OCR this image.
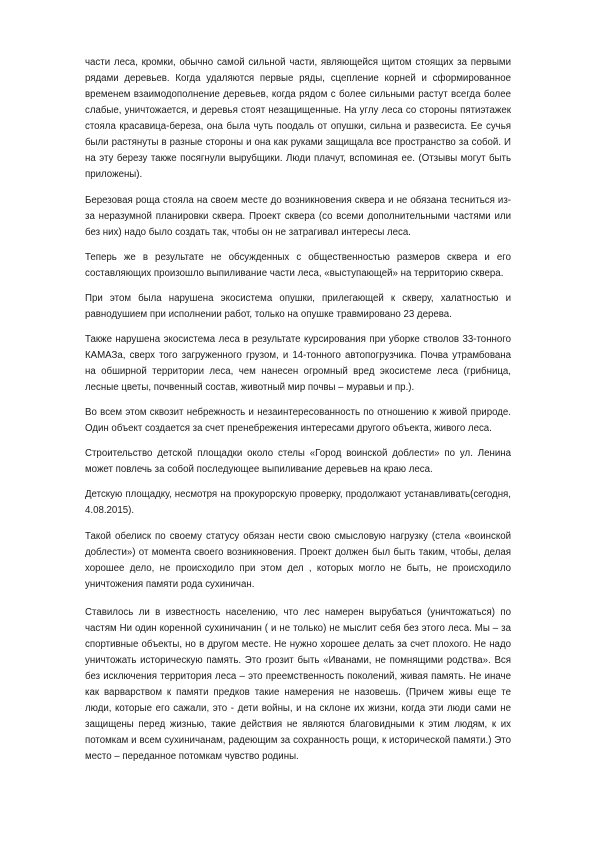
части леса, кромки, обычно самой сильной части, являющейся щитом стоящих за первыми рядами деревьев. Когда удаляются первые ряды, сцепление корней и сформированное временем взаимодополнение деревьев, когда рядом с более сильными растут всегда более слабые, уничтожается, и деревья стоят незащищенные. На углу леса со стороны пятиэтажек стояла красавица-береза, она была чуть поодаль от опушки, сильна и развесиста. Ее сучья были растянуты в разные стороны и она как руками защищала все пространство за собой. И на эту березу также посягнули вырубщики. Люди плачут, вспоминая ее. (Отзывы могут быть приложены).

Березовая роща стояла на своем месте до возникновения сквера и не обязана тесниться из-за неразумной планировки сквера. Проект сквера (со всеми дополнительными частями или без них) надо было создать так, чтобы он не затрагивал интересы леса.

Теперь же в результате не обсужденных с общественностью размеров сквера и его составляющих произошло выпиливание части леса, «выступающей» на территорию сквера.

При этом была нарушена экосистема опушки, прилегающей к скверу, халатностью и равнодушием при исполнении работ, только на опушке травмировано 23 дерева.

Также нарушена экосистема леса в результате курсирования при уборке стволов 33-тонного КАМАЗа, сверх того загруженного грузом, и 14-тонного автопогрузчика. Почва утрамбована на обширной территории леса, чем нанесен огромный вред экосистеме леса (грибница, лесные цветы, почвенный состав, животный мир почвы – муравьи и пр.).

Во всем этом сквозит небрежность и незаинтересованность по отношению к живой природе. Один объект создается за счет пренебрежения интересами другого объекта, живого леса.

Строительство детской площадки около стелы «Город воинской доблести» по ул. Ленина может повлечь за собой последующее выпиливание деревьев на краю леса.

Детскую площадку, несмотря на прокурорскую проверку, продолжают устанавливать(сегодня, 4.08.2015).

Такой обелиск по своему статусу обязан нести свою смысловую нагрузку (стела «воинской доблести») от момента своего возникновения. Проект должен был быть таким, чтобы, делая хорошее дело, не происходило при этом дел , которых могло не быть, не происходило уничтожения памяти рода сухиничан.

Ставилось ли в известность населению, что лес намерен вырубаться (уничтожаться) по частям Ни один коренной сухиничанин ( и не только) не мыслит себя без этого леса. Мы – за спортивные объекты, но в другом месте. Не нужно хорошее делать за счет плохого. Не надо уничтожать историческую память. Это грозит быть «Иванами, не помнящими родства». Вся без исключения территория леса – это преемственность поколений, живая память. Не иначе как варварством к памяти предков такие намерения не назовешь. (Причем живы еще те люди, которые его сажали, это - дети войны, и на склоне их жизни, когда эти люди сами не защищены перед жизнью, такие действия не являются благовидными к этим людям, к их потомкам и всем сухиничанам, радеющим за сохранность рощи, к исторической памяти.) Это место – переданное потомкам чувство родины.
